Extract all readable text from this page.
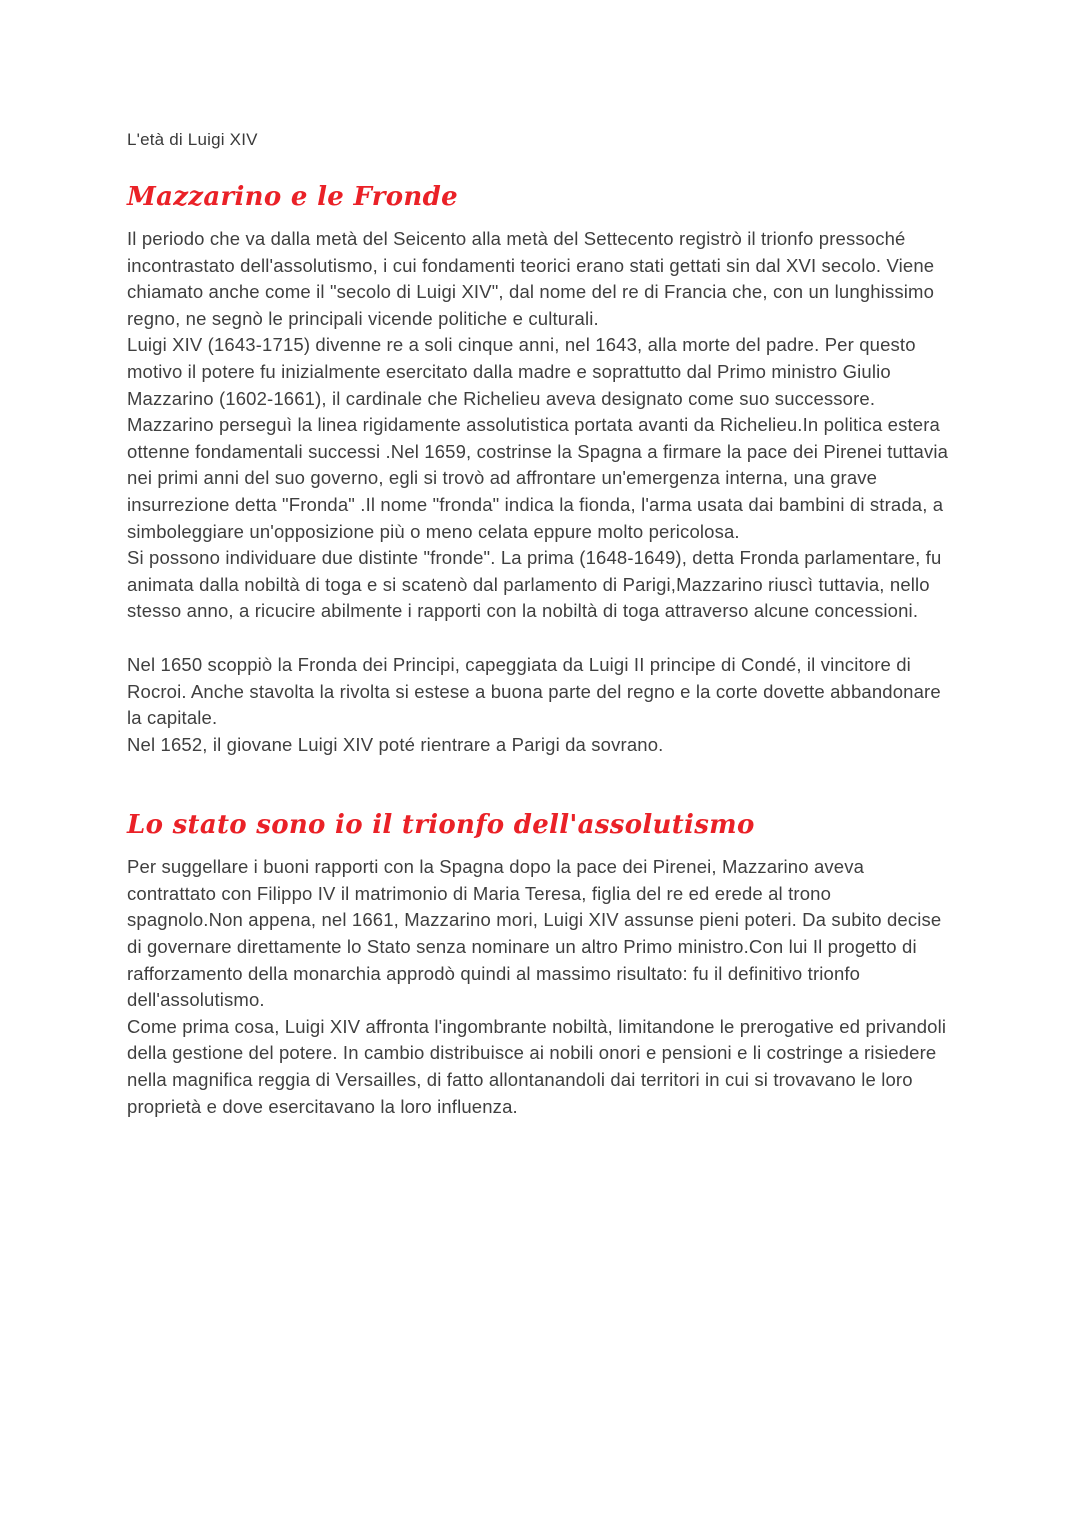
L'età di Luigi XIV
Mazzarino e le Fronde

Il periodo che va dalla metà del Seicento alla metà del Settecento registrò il trionfo pressoché incontrastato dell'assolutismo, i cui fondamenti teorici erano stati gettati sin dal XVI secolo. Viene chiamato anche come il "secolo di Luigi XIV", dal nome del re di Francia che, con un lunghissimo regno, ne segnò le principali vicende politiche e culturali.

Luigi XIV (1643-1715) divenne re a soli cinque anni, nel 1643, alla morte del padre. Per questo motivo il potere fu inizialmente esercitato dalla madre e soprattutto dal Primo ministro Giulio Mazzarino (1602-1661), il cardinale che Richelieu aveva designato come suo successore.

Mazzarino perseguì la linea rigidamente assolutistica portata avanti da Richelieu.In politica estera ottenne fondamentali successi .Nel 1659, costrinse la Spagna a firmare la pace dei Pirenei tuttavia nei primi anni del suo governo, egli si trovò ad affrontare un'emergenza interna, una grave insurrezione detta "Fronda" .Il nome "fronda" indica la fionda, l'arma usata dai bambini di strada, a simboleggiare un'opposizione più o meno celata eppure molto pericolosa.

Si possono individuare due distinte "fronde". La prima (1648-1649), detta Fronda parlamentare, fu animata dalla nobiltà di toga e si scatenò dal parlamento di Parigi,Mazzarino riuscì tuttavia, nello stesso anno, a ricucire abilmente i rapporti con la nobiltà di toga attraverso alcune concessioni.

Nel 1650 scoppiò la Fronda dei Principi, capeggiata da Luigi II principe di Condé, il vincitore di Rocroi. Anche stavolta la rivolta si estese a buona parte del regno e la corte dovette abbandonare la capitale.

Nel 1652, il giovane Luigi XIV poté rientrare a Parigi da sovrano.

Lo stato sono io il trionfo dell'assolutismo

Per suggellare i buoni rapporti con la Spagna dopo la pace dei Pirenei, Mazzarino aveva contrattato con Filippo IV il matrimonio di Maria Teresa, figlia del re ed erede al trono spagnolo.Non appena, nel 1661, Mazzarino mori, Luigi XIV assunse pieni poteri. Da subito decise di governare direttamente lo Stato senza nominare un altro Primo ministro.Con lui Il progetto di rafforzamento della monarchia approdò quindi al massimo risultato: fu il definitivo trionfo dell'assolutismo.

Come prima cosa, Luigi XIV affronta l'ingombrante nobiltà, limitandone le prerogative ed privandoli della gestione del potere. In cambio distribuisce ai nobili onori e pensioni e li costringe a risiedere nella magnifica reggia di Versailles, di fatto allontanandoli dai territori in cui si trovavano le loro proprietà e dove esercitavano la loro influenza.
